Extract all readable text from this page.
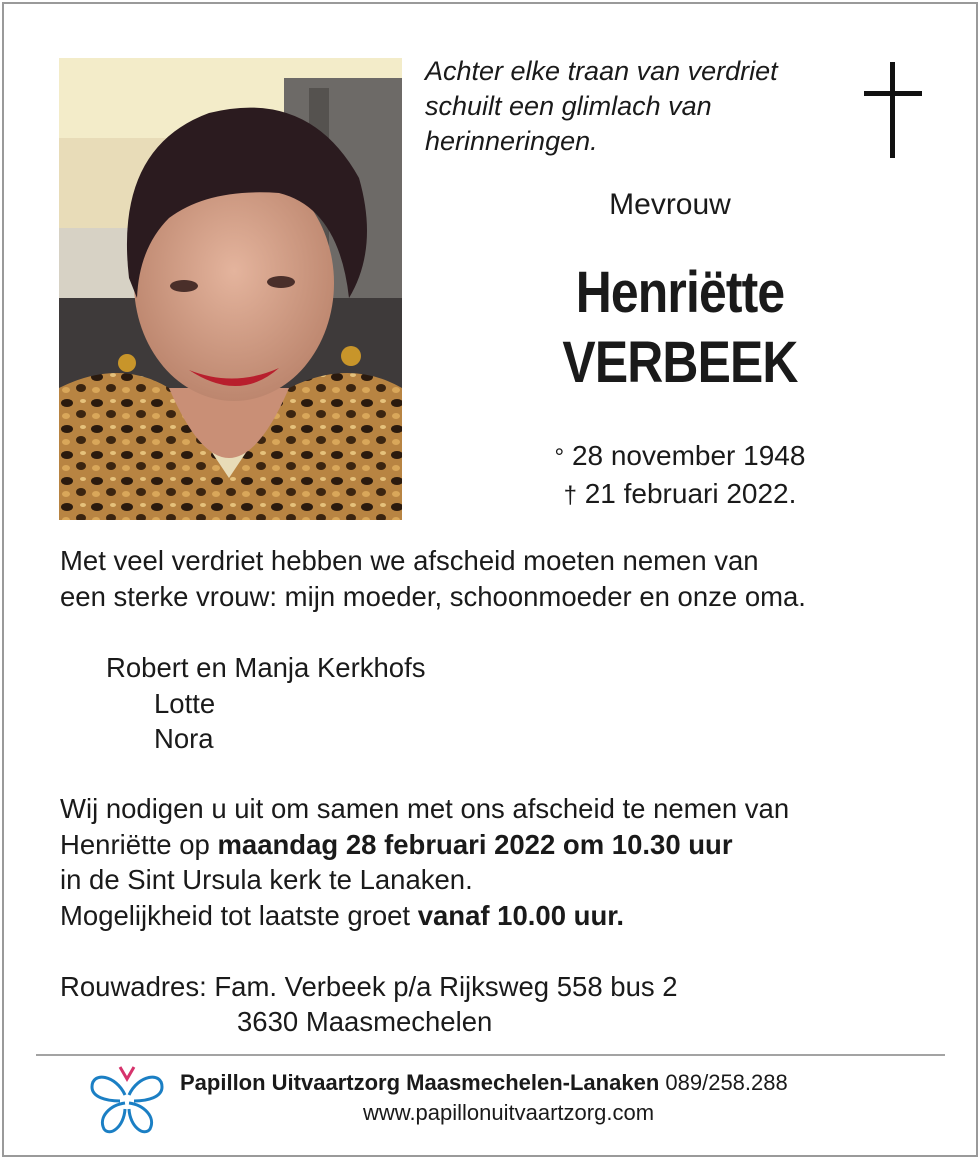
Achter elke traan van verdriet
schuilt een glimlach van
herinneringen.
Mevrouw
Henriëtte
VERBEEK
° 28 november 1948
† 21 februari 2022.
Met veel verdriet hebben we afscheid moeten nemen van
een sterke vrouw: mijn moeder, schoonmoeder en onze oma.
Robert en Manja Kerkhofs
Lotte
Nora
Wij nodigen u uit om samen met ons afscheid te nemen van
Henriëtte op maandag 28 februari 2022 om 10.30 uur
in de Sint Ursula kerk te Lanaken.
Mogelijkheid tot laatste groet vanaf 10.00 uur.
Rouwadres: Fam. Verbeek p/a Rijksweg 558 bus 2
3630 Maasmechelen
Papillon Uitvaartzorg Maasmechelen-Lanaken 089/258.288
www.papillonuitvaartzorg.com
